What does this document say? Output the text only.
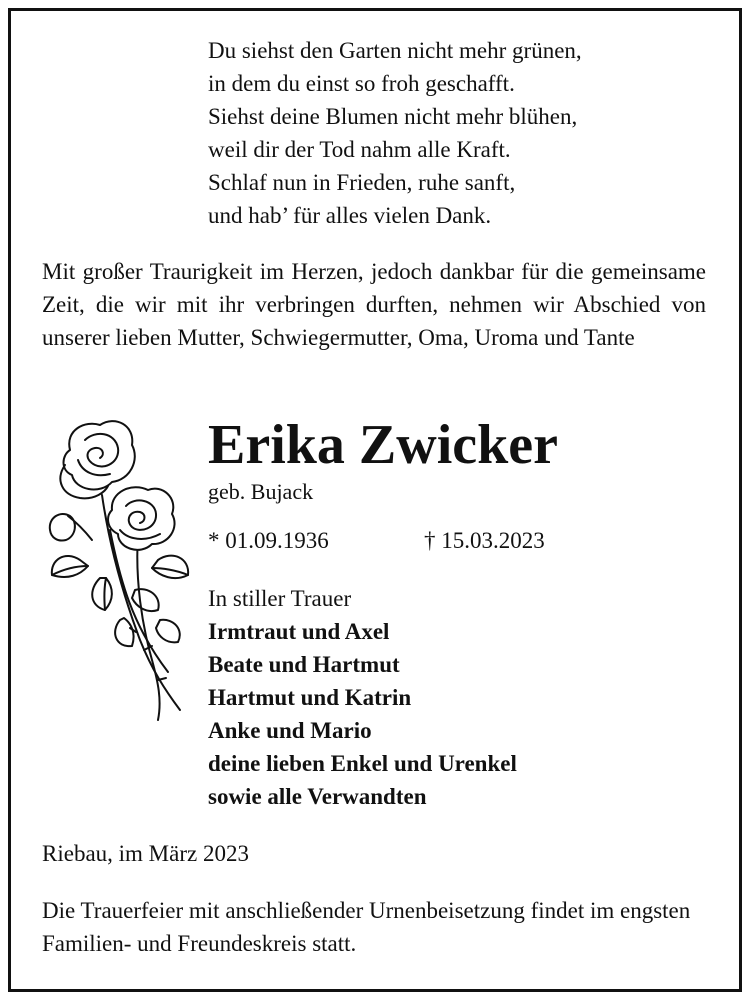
Du siehst den Garten nicht mehr grünen,
in dem du einst so froh geschafft.
Siehst deine Blumen nicht mehr blühen,
weil dir der Tod nahm alle Kraft.
Schlaf nun in Frieden, ruhe sanft,
und hab’ für alles vielen Dank.

Mit großer Traurigkeit im Herzen, jedoch dankbar für die gemeinsame Zeit, die wir mit ihr verbringen durften, nehmen wir Abschied von unserer lieben Mutter, Schwiegermutter, Oma, Uroma und Tante

Erika Zwicker
geb. Bujack
* 01.09.1936	† 15.03.2023
In stiller Trauer
Irmtraut und Axel
Beate und Hartmut
Hartmut und Katrin
Anke und Mario
deine lieben Enkel und Urenkel
sowie alle Verwandten
Riebau, im März 2023

Die Trauerfeier mit anschließender Urnenbeisetzung findet im engsten Familien- und Freundeskreis statt.
